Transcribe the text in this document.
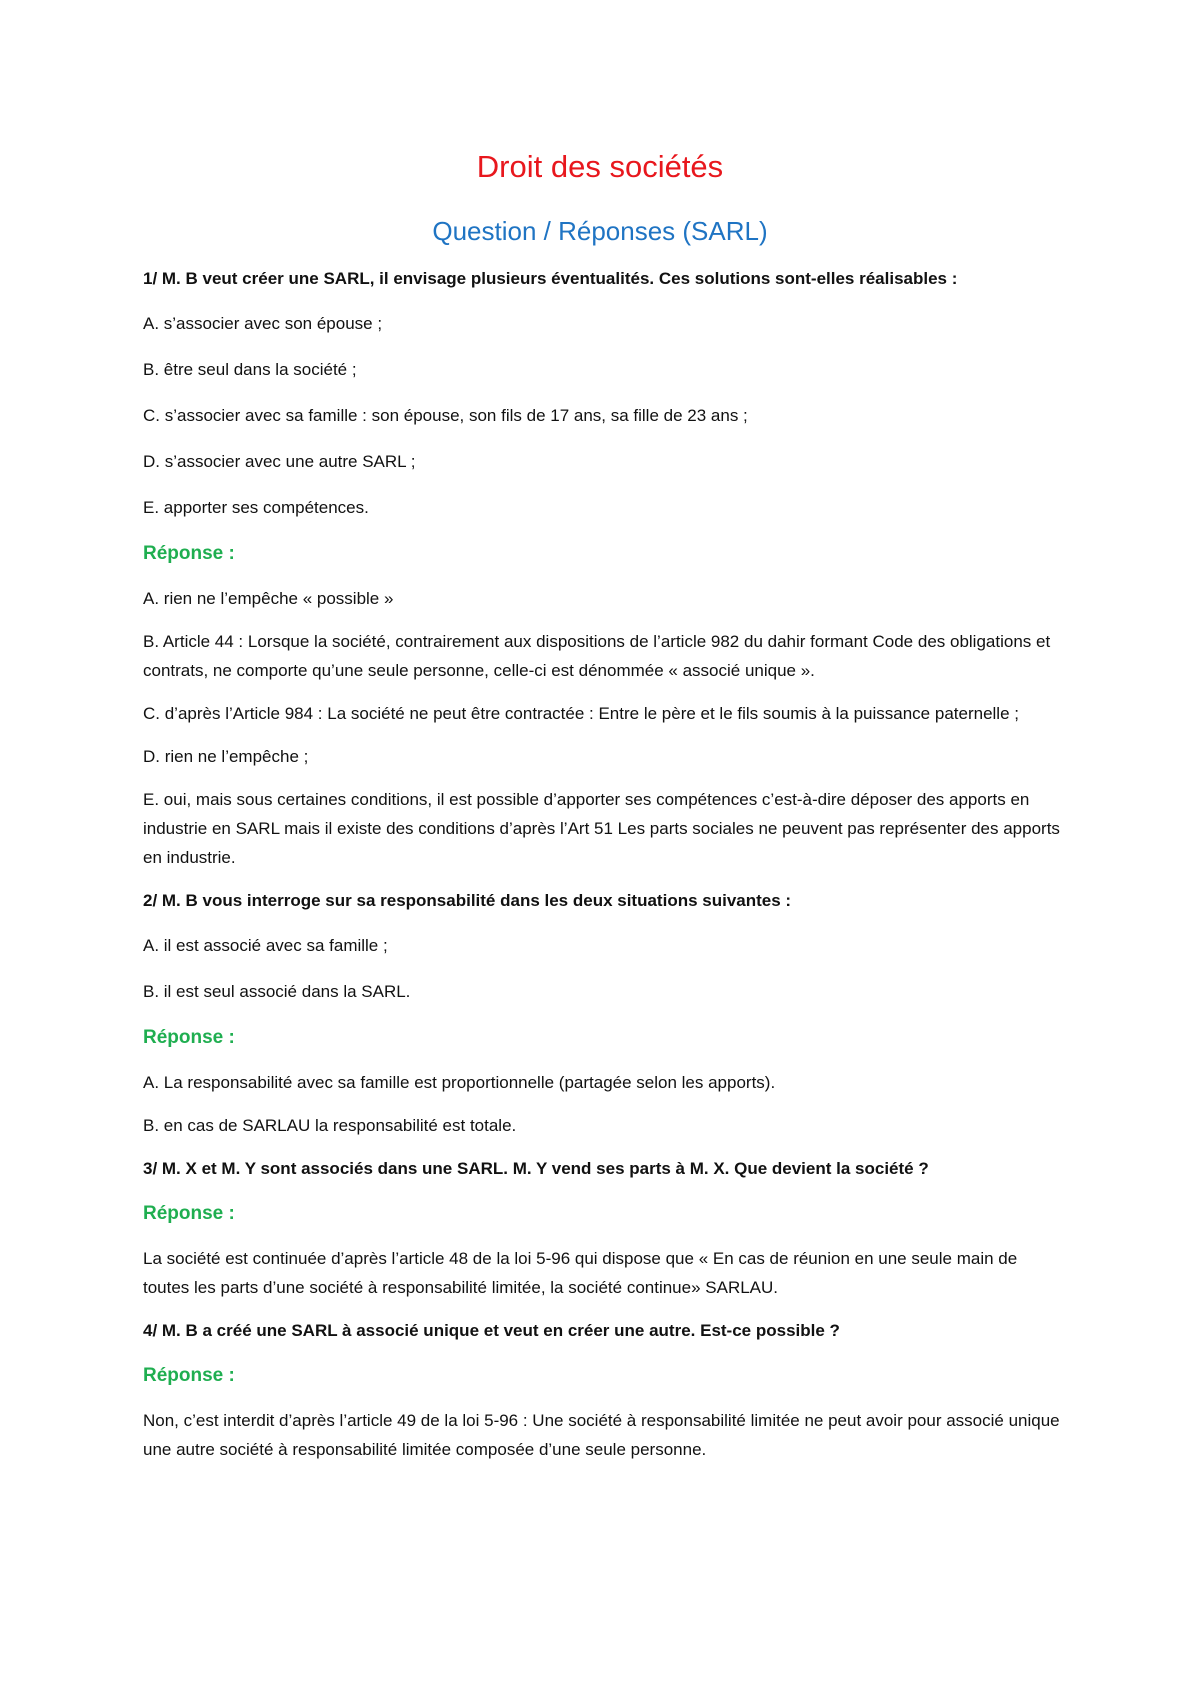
Droit des sociétés
Question / Réponses (SARL)

1/ M. B veut créer une SARL, il envisage plusieurs éventualités. Ces solutions sont-elles réalisables :

A. s’associer avec son épouse ;

B. être seul dans la société ;

C. s’associer avec sa famille : son épouse, son fils de 17 ans, sa fille de 23 ans ;

D. s’associer avec une autre SARL ;

E. apporter ses compétences.

Réponse :

A. rien ne l’empêche « possible »

B. Article 44 : Lorsque la société, contrairement aux dispositions de l’article 982 du dahir formant Code des obligations et contrats, ne comporte qu’une seule personne, celle-ci est dénommée « associé unique ».

C. d’après l’Article 984 : La société ne peut être contractée : Entre le père et le fils soumis à la puissance paternelle ;

D. rien ne l’empêche ;

E. oui, mais sous certaines conditions, il est possible d’apporter ses compétences c’est-à-dire déposer des apports en industrie en SARL mais il existe des conditions d’après l’Art 51 Les parts sociales ne peuvent pas représenter des apports en industrie.

2/ M. B vous interroge sur sa responsabilité dans les deux situations suivantes :

A. il est associé avec sa famille ;

B. il est seul associé dans la SARL.

Réponse :

A. La responsabilité avec sa famille est proportionnelle (partagée selon les apports).

B. en cas de SARLAU la responsabilité est totale.

3/ M. X et M. Y sont associés dans une SARL. M. Y vend ses parts à M. X. Que devient la société ?

Réponse :

La société est continuée d’après l’article 48 de la loi 5-96 qui dispose que « En cas de réunion en une seule main de toutes les parts d’une société à responsabilité limitée, la société continue» SARLAU.

4/ M. B a créé une SARL à associé unique et veut en créer une autre. Est-ce possible ?

Réponse :

Non, c’est interdit d’après l’article 49 de la loi 5-96 : Une société à responsabilité limitée ne peut avoir pour associé unique une autre société à responsabilité limitée composée d’une seule personne.
